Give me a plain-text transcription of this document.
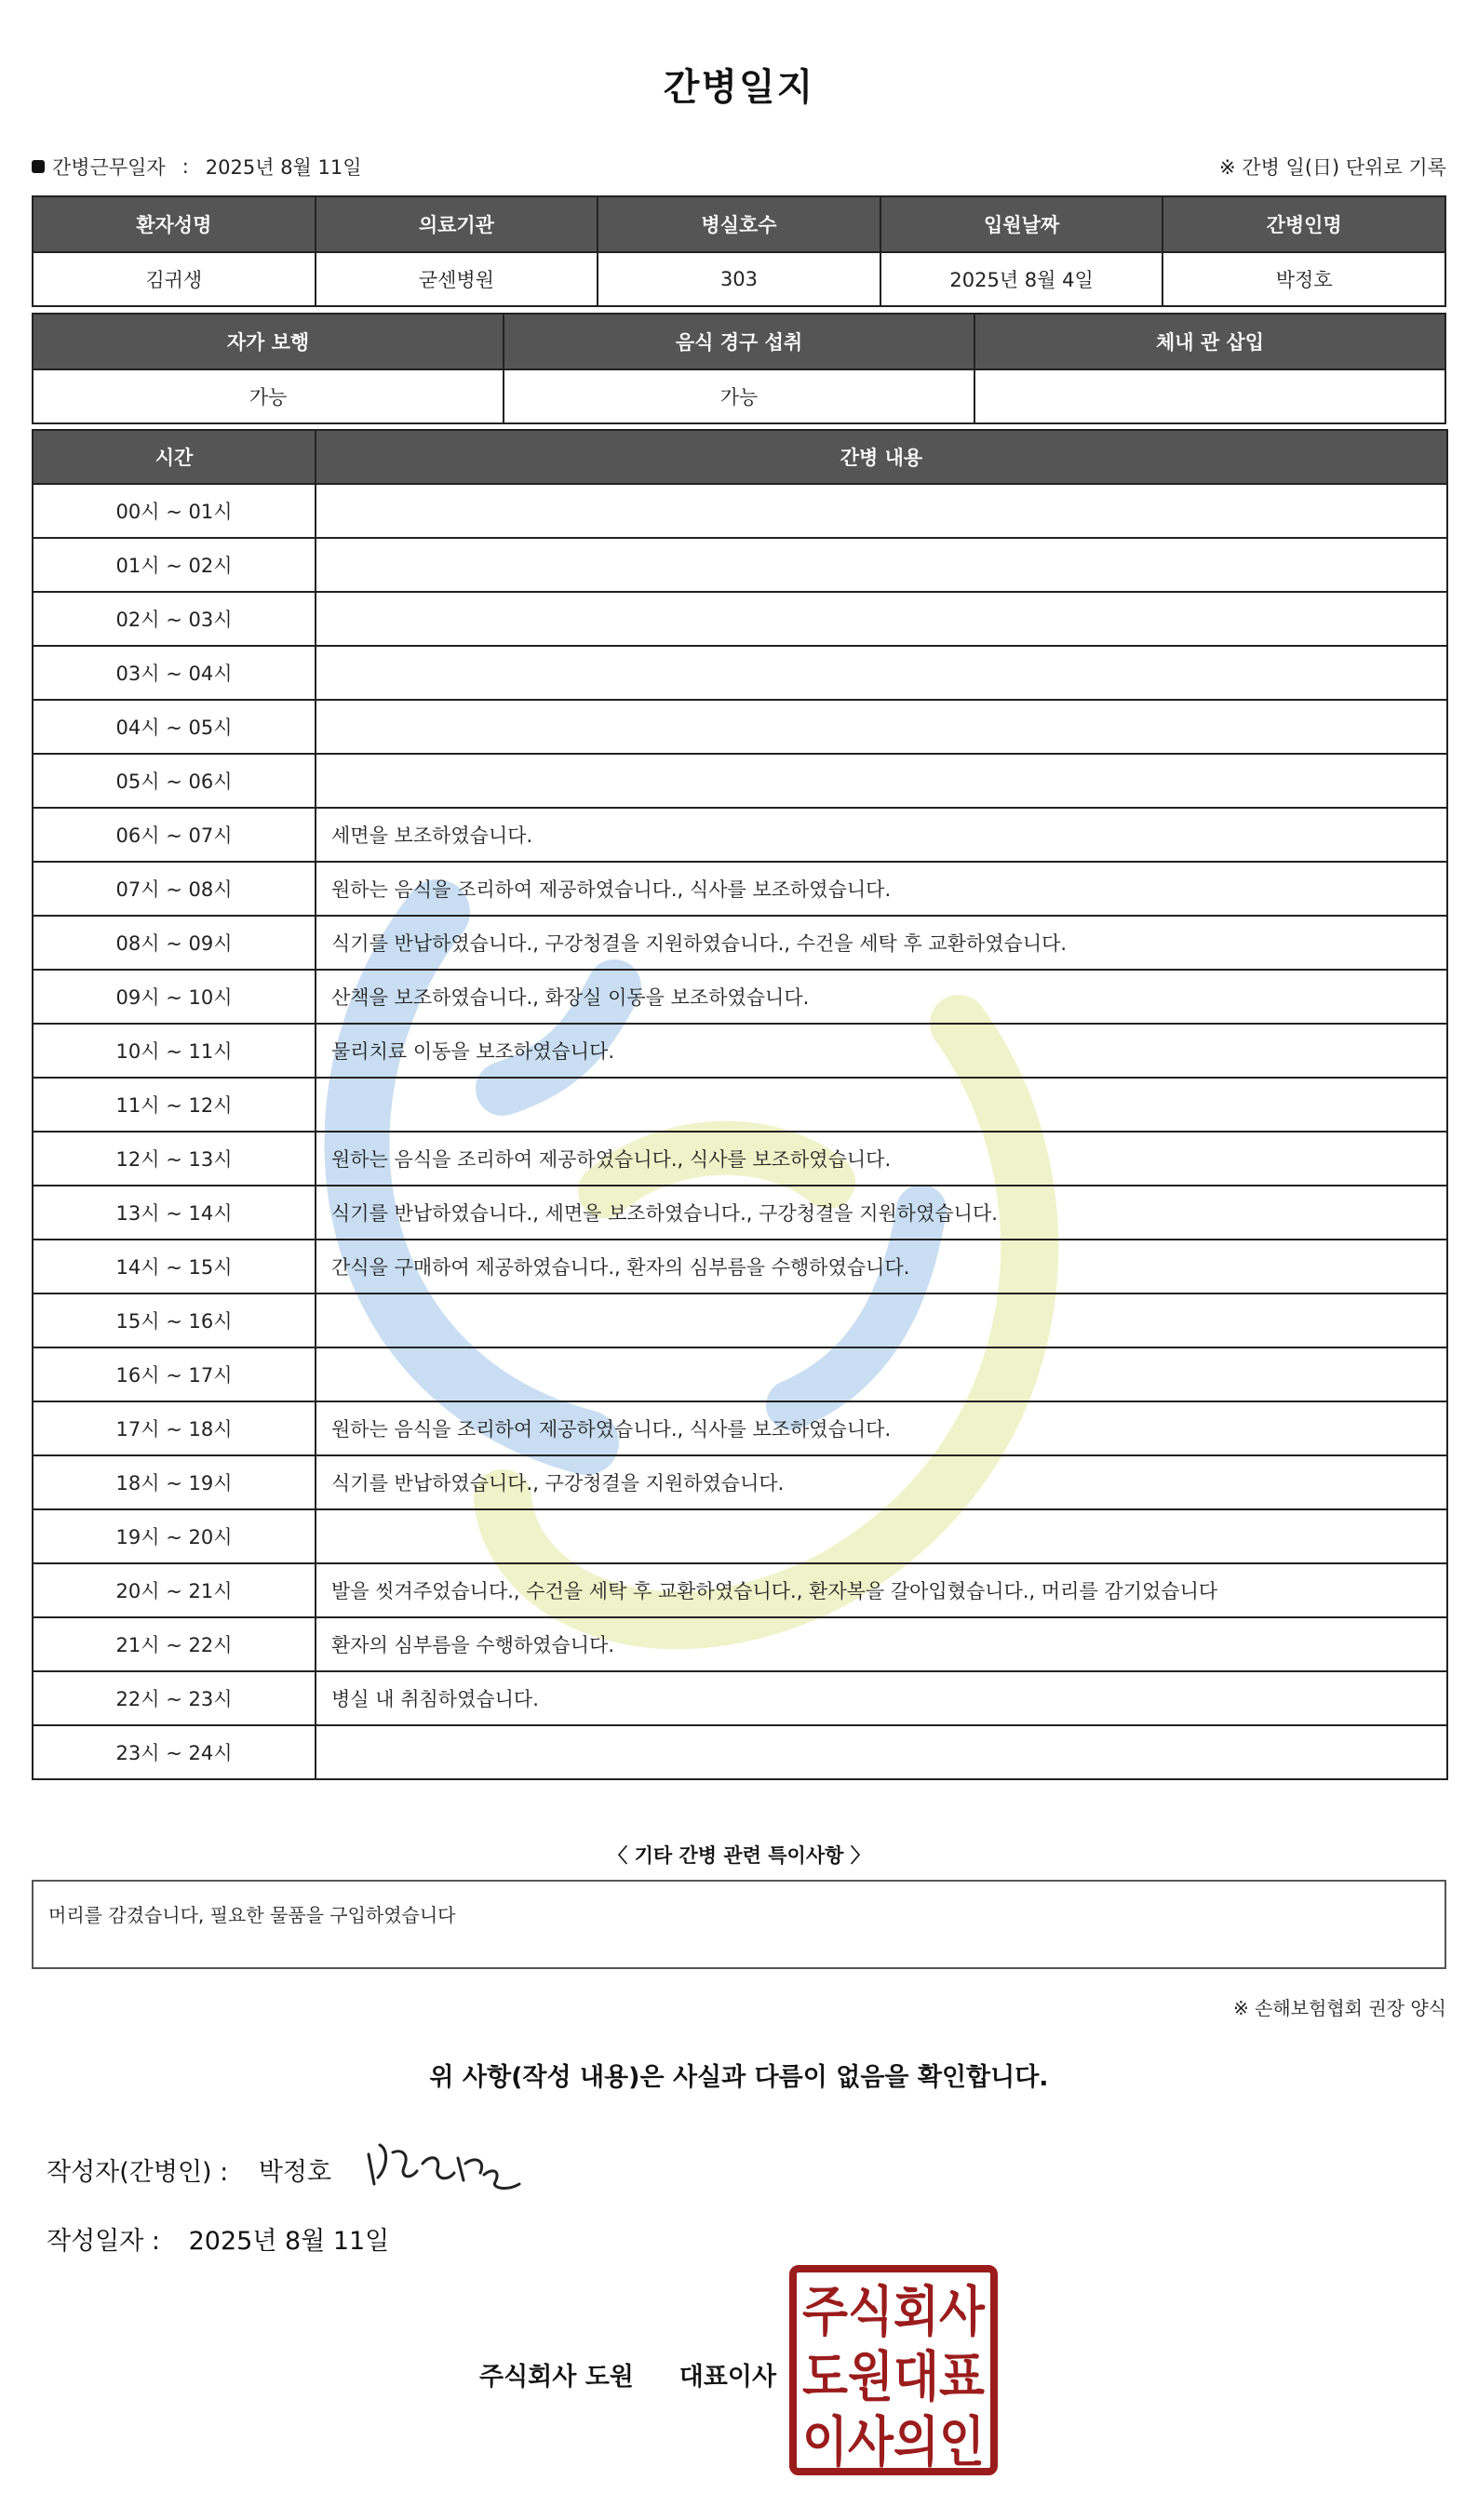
간병일지
간병근무일자 : 2025년 8월 11일	※ 간병 일(日) 단위로 기록
환자성명	의료기관	병실호수	입원날짜	간병인명
김귀생	굳센병원	303	2025년 8월 4일	박정호
자가 보행	음식 경구 섭취	체내 관 삽입
가능	가능	
시간	간병 내용
00시 ~ 01시	
01시 ~ 02시	
02시 ~ 03시	
03시 ~ 04시	
04시 ~ 05시	
05시 ~ 06시	
06시 ~ 07시	세면을 보조하였습니다.
07시 ~ 08시	원하는 음식을 조리하여 제공하였습니다., 식사를 보조하였습니다.
08시 ~ 09시	식기를 반납하였습니다., 구강청결을 지원하였습니다., 수건을 세탁 후 교환하였습니다.
09시 ~ 10시	산책을 보조하였습니다., 화장실 이동을 보조하였습니다.
10시 ~ 11시	물리치료 이동을 보조하였습니다.
11시 ~ 12시	
12시 ~ 13시	원하는 음식을 조리하여 제공하였습니다., 식사를 보조하였습니다.
13시 ~ 14시	식기를 반납하였습니다., 세면을 보조하였습니다., 구강청결을 지원하였습니다.
14시 ~ 15시	간식을 구매하여 제공하였습니다., 환자의 심부름을 수행하였습니다.
15시 ~ 16시	
16시 ~ 17시	
17시 ~ 18시	원하는 음식을 조리하여 제공하였습니다., 식사를 보조하였습니다.
18시 ~ 19시	식기를 반납하였습니다., 구강청결을 지원하였습니다.
19시 ~ 20시	
20시 ~ 21시	발을 씻겨주었습니다., 수건을 세탁 후 교환하였습니다., 환자복을 갈아입혔습니다., 머리를 감기었습니다
21시 ~ 22시	환자의 심부름을 수행하였습니다.
22시 ~ 23시	병실 내 취침하였습니다.
23시 ~ 24시	
〈 기타 간병 관련 특이사항 〉
머리를 감겼습니다, 필요한 물품을 구입하였습니다
※ 손해보험협회 권장 양식
위 사항(작성 내용)은 사실과 다름이 없음을 확인합니다.
작성자(간병인) : 박정호
작성일자 : 2025년 8월 11일
주식회사 도원 대표이사
주식회사
도원대표
이사의인
